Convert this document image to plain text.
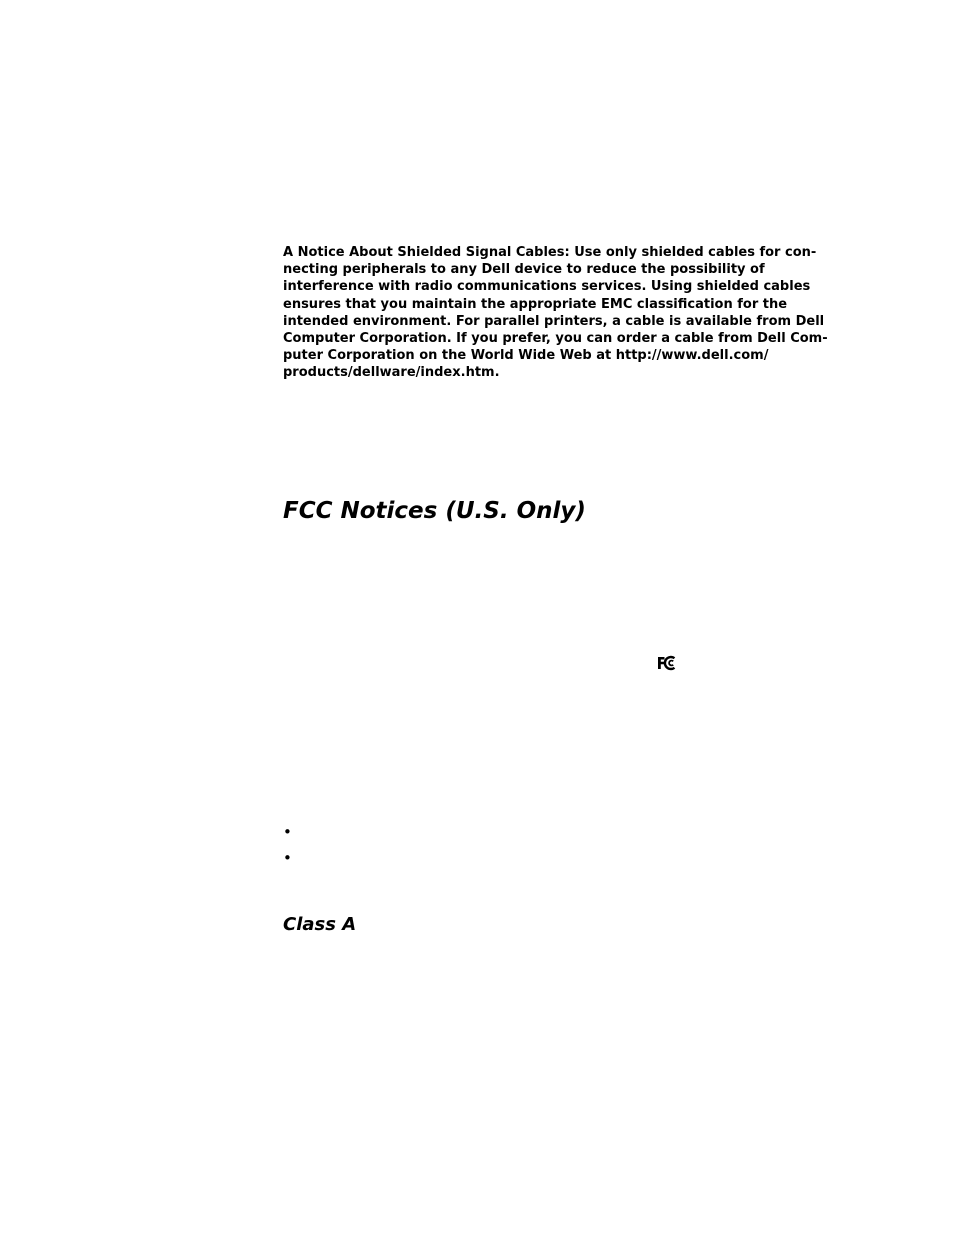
A Notice About Shielded Signal Cables: Use only shielded cables for con-
necting peripherals to any Dell device to reduce the possibility of
interference with radio communications services. Using shielded cables
ensures that you maintain the appropriate EMC classification for the
intended environment. For parallel printers, a cable is available from Dell
Computer Corporation. If you prefer, you can order a cable from Dell Com-
puter Corporation on the World Wide Web at http://www.dell.com/
products/dellware/index.htm.

FCC Notices (U.S. Only)
•
•
Class A
